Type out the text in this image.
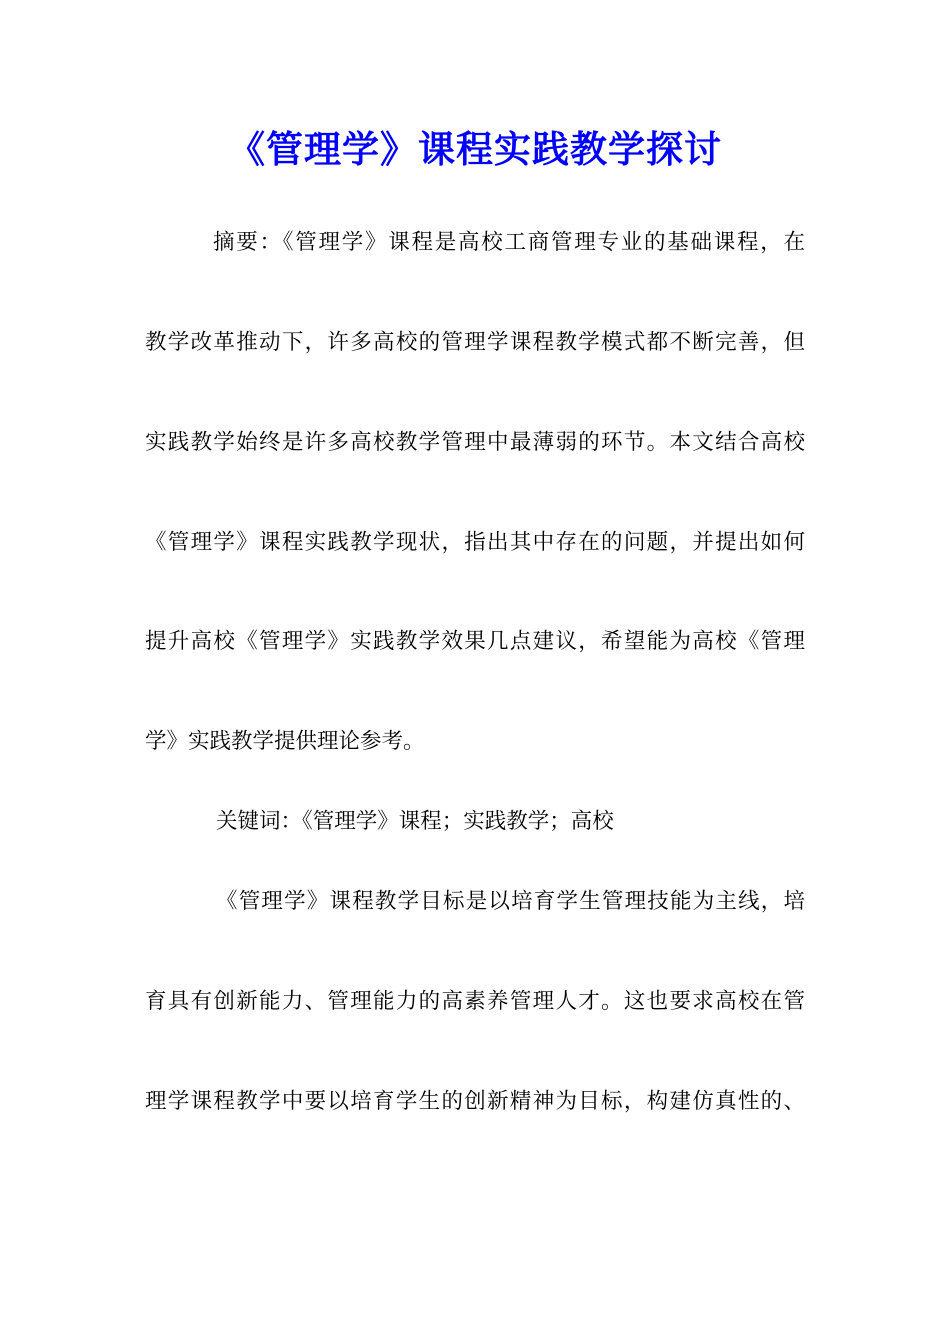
《管理学》课程实践教学探讨
摘要：《管理学》课程是高校工商管理专业的基础课程，在
教学改革推动下，许多高校的管理学课程教学模式都不断完善，但
实践教学始终是许多高校教学管理中最薄弱的环节。本文结合高校
《管理学》课程实践教学现状，指出其中存在的问题，并提出如何
提升高校《管理学》实践教学效果几点建议，希望能为高校《管理
学》实践教学提供理论参考。
关键词：《管理学》课程；实践教学；高校
《管理学》课程教学目标是以培育学生管理技能为主线，培
育具有创新能力、管理能力的高素养管理人才。这也要求高校在管
理学课程教学中要以培育学生的创新精神为目标，构建仿真性的、
